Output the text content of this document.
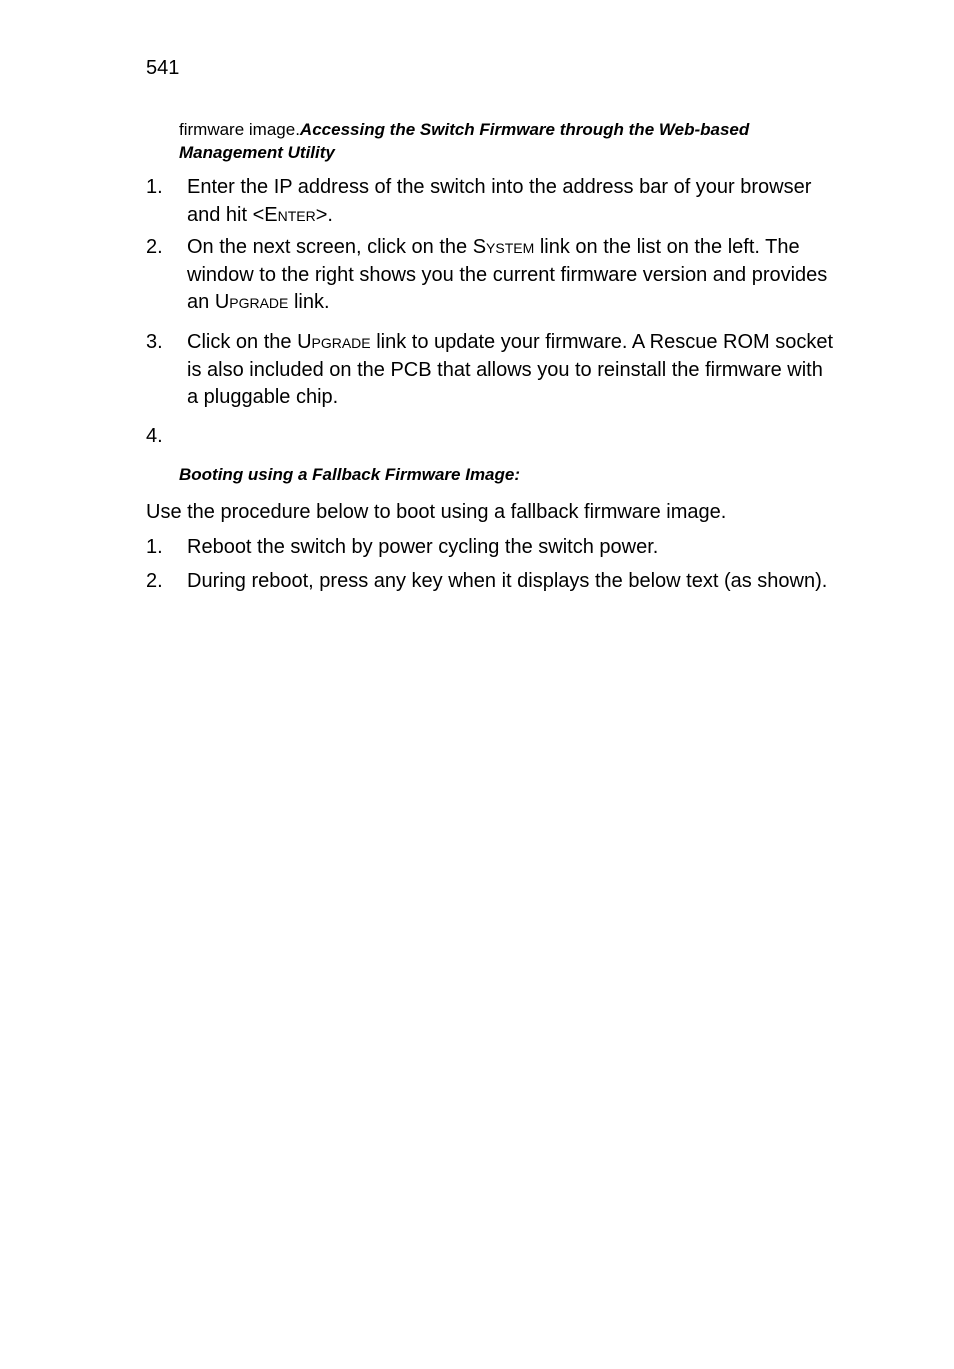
541
firmware image.Accessing the Switch Firmware through the Web-based Management Utility
1.	Enter the IP address of the switch into the address bar of your browser and hit <Enter>.
2.	On the next screen, click on the System link on the list on the left. The window to the right shows you the current firmware version and provides an Upgrade link.
3.	Click on the Upgrade link to update your firmware. A Rescue ROM socket is also included on the PCB that allows you to reinstall the firmware with a pluggable chip.
4.
Booting using a Fallback Firmware Image:
Use the procedure below to boot using a fallback firmware image.
1.	Reboot the switch by power cycling the switch power.
2.	During reboot, press any key when it displays the below text (as shown).
